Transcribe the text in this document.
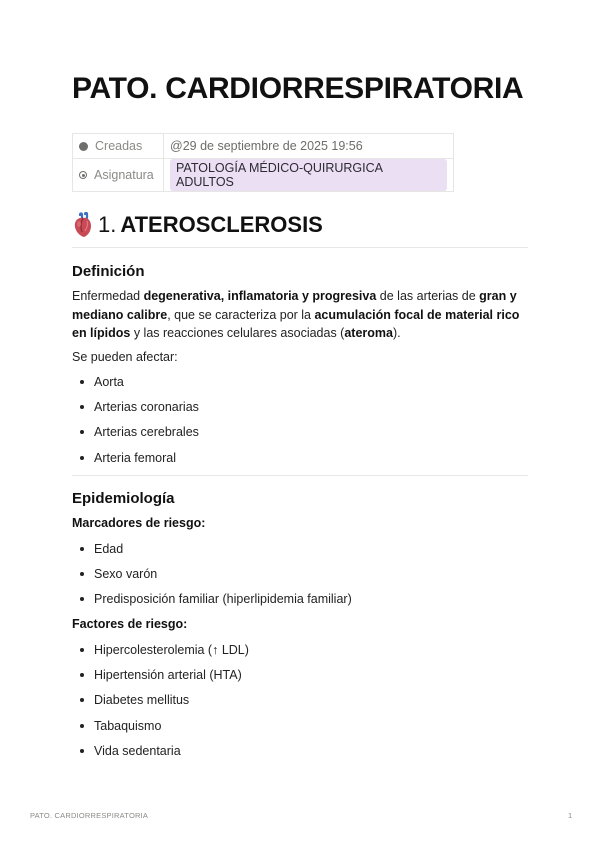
PATO. CARDIORRESPIRATORIA
Creadas	@29 de septiembre de 2025 19:56

Asignatura	PATOLOGÍA MÉDICO-QUIRURGICA ADULTOS
1. ATEROSCLEROSIS
Definición

Enfermedad degenerativa, inflamatoria y progresiva de las arterias de gran y mediano calibre, que se caracteriza por la acumulación focal de material rico en lípidos y las reacciones celulares asociadas (ateroma).

Se pueden afectar:

Aorta
Arterias coronarias
Arterias cerebrales
Arteria femoral
Epidemiología

Marcadores de riesgo:

Edad
Sexo varón
Predisposición familiar (hiperlipidemia familiar)

Factores de riesgo:

Hipercolesterolemia (↑ LDL)
Hipertensión arterial (HTA)
Diabetes mellitus
Tabaquismo
Vida sedentaria
PATO. CARDIORRESPIRATORIA	1
